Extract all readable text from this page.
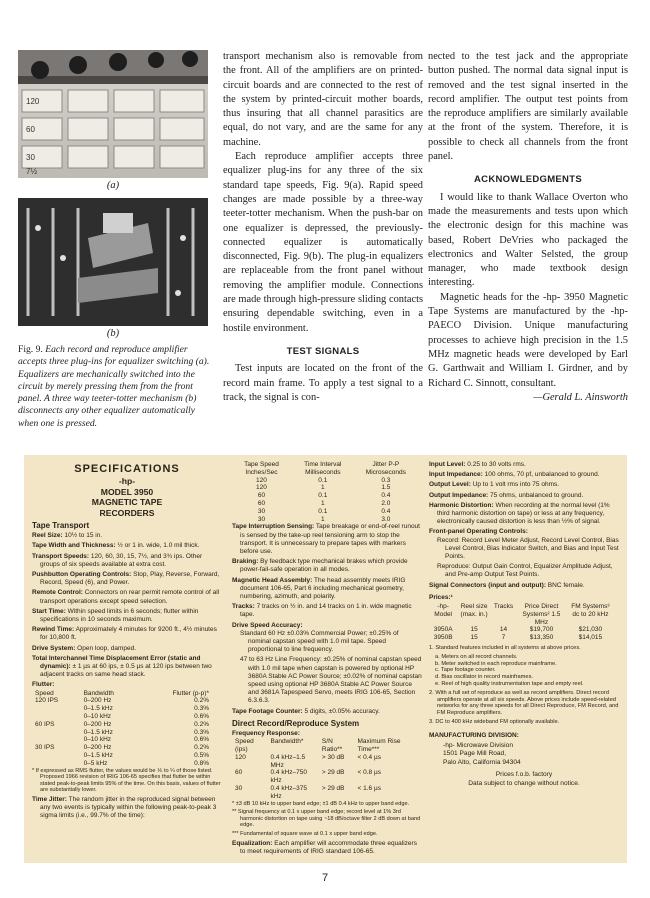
120
60
30
7½
(a)
(b)
Fig. 9. Each record and reproduce amplifier accepts three plug-ins for equalizer switching (a). Equalizers are mechanically switched into the circuit by merely pressing them from the front panel. A three way teeter-totter mechanism (b) disconnects any other equalizer automatically when one is pressed.

transport mechanism also is removable from the front. All of the amplifiers are on printed-circuit boards and are connected to the rest of the system by printed-circuit mother boards, thus insuring that all channel parasitics are equal, do not vary, and are the same for any machine.

Each reproduce amplifier accepts three equalizer plug-ins for any three of the six standard tape speeds, Fig. 9(a). Rapid speed changes are made possible by a three-way teeter-totter mechanism. When the push-bar on one equalizer is depressed, the previously-connected equalizer is automatically disconnected, Fig. 9(b). The plug-in equalizers are replaceable from the front panel without removing the amplifier module. Connections are made through high-pressure sliding contacts ensuring dependable switching, even in a hostile environment.

TEST SIGNALS

Test inputs are located on the front of the record main frame. To apply a test signal to a track, the signal is con-

nected to the test jack and the appropriate button pushed. The normal data signal input is removed and the test signal inserted in the record amplifier. The output test points from the reproduce amplifiers are similarly available at the front of the system. Therefore, it is possible to check all channels from the front panel.

ACKNOWLEDGMENTS

I would like to thank Wallace Overton who made the measurements and tests upon which the electronic design for this machine was based, Robert DeVries who packaged the electronics and Walter Selsted, the group manager, who made textbook design interesting.

Magnetic heads for the -hp- 3950 Magnetic Tape Systems are manufactured by the -hp- PAECO Division. Unique manufacturing processes to achieve high precision in the 1.5 MHz magnetic heads were developed by Earl G. Garthwait and William I. Girdner, and by Richard C. Sinnott, consultant.

—Gerald L. Ainsworth
SPECIFICATIONS
-hp-
MODEL 3950
MAGNETIC TAPE RECORDERS
Tape Transport

Reel Size: 10½ to 15 in.

Tape Width and Thickness: ½ or 1 in. wide, 1.0 mil thick.

Transport Speeds: 120, 60, 30, 15, 7½, and 3¾ ips. Other groups of six speeds available at extra cost.

Pushbutton Operating Controls: Stop, Play, Reverse, Forward, Record, Speed (6), and Power.

Remote Control: Connectors on rear permit remote control of all transport operations except speed selection.

Start Time: Within speed limits in 6 seconds; flutter within specifications in 10 seconds maximum.

Rewind Time: Approximately 4 minutes for 9200 ft., 4½ minutes for 10,800 ft.

Drive System: Open loop, damped.

Total Interchannel Time Displacement Error (static and dynamic): ± 1 µs at 60 ips, ± 0.5 µs at 120 ips between two adjacent tracks on same head stack.

Flutter:

Speed	Bandwidth	Flutter (p-p)*
120 IPS	0–200 Hz	0.2%
	0–1.5 kHz	0.3%
	0–10 kHz	0.6%
60 IPS	0–200 Hz	0.2%
	0–1.5 kHz	0.3%
	0–10 kHz	0.6%
30 IPS	0–200 Hz	0.2%
	0–1.5 kHz	0.5%
	0–5 kHz	0.8%

* If expressed as RMS flutter, the values would be ⅙ to ¼ of those listed. Proposed 1966 revision of IRIG 106-65 specifies that flutter be within stated peak-to-peak limits 95% of the time. On this basis, values of flutter are substantially lower.

Time Jitter: The random jitter in the reproduced signal between any two events is typically within the following peak-to-peak 3 sigma limits (i.e., 99.7% of the time):

Tape Speed Inches/Sec	Time Interval Milliseconds	Jitter P-P Microseconds
120	0.1	0.3
120	1	1.5
60	0.1	0.4
60	1	2.0
30	0.1	0.4
30	1	3.0

Tape Interruption Sensing: Tape breakage or end-of-reel runout is sensed by the take-up reel tensioning arm to stop the transport. It is unnecessary to prepare tapes with markers before use.

Braking: By feedback type mechanical brakes which provide power-fail-safe operation in all modes.

Magnetic Head Assembly: The head assembly meets IRIG document 106-65, Part 6 including mechanical geometry, numbering, azimuth, and polarity.

Tracks: 7 tracks on ½ in. and 14 tracks on 1 in. wide magnetic tape.

Drive Speed Accuracy:

Standard 60 Hz ±0.03% Commercial Power; ±0.25% of nominal capstan speed with 1.0 mil tape. Speed proportional to line frequency.

47 to 63 Hz Line Frequency: ±0.25% of nominal capstan speed with 1.0 mil tape when capstan is powered by optional HP 3680A Stable AC Power Source; ±0.02% of nominal capstan speed using optional HP 3680A Stable AC Power Source and 3681A Tapespeed Servo, meets IRIG 106-65, Section 6.3.6.3.

Tape Footage Counter: 5 digits, ±0.05% accuracy.

Direct Record/Reproduce System

Frequency Response:

Speed (ips)	Bandwidth*	S/N Ratio**	Maximum Rise Time***
120	0.4 kHz–1.5 MHz	> 30 dB	< 0.4 µs
60	0.4 kHz–750 kHz	> 29 dB	< 0.8 µs
30	0.4 kHz–375 kHz	> 29 dB	< 1.6 µs

* ±3 dB 10 kHz to upper band edge; ±1 dB 0.4 kHz to upper band edge.

** Signal frequency at 0.1 x upper band edge; record level at 1% 3rd harmonic distortion on tape using ~18 dB/octave filter 2 dB down at band edge.

*** Fundamental of square wave at 0.1 x upper band edge.

Equalization: Each amplifier will accommodate three equalizers to meet requirements of IRIG standard 106-65.

Input Level: 0.25 to 30 volts rms.

Input Impedance: 100 ohms, 70 pf, unbalanced to ground.

Output Level: Up to 1 volt rms into 75 ohms.

Output Impedance: 75 ohms, unbalanced to ground.

Harmonic Distortion: When recording at the normal level (1% third harmonic distortion on tape) or less at any frequency, electronically caused distortion is less than ½% of signal.

Front-panel Operating Controls:

Record: Record Level Meter Adjust, Record Level Control, Bias Level Control, Bias Indicator Switch, and Bias and Input Test Points.

Reproduce: Output Gain Control, Equalizer Amplitude Adjust, and Pre-amp Output Test Points.

Signal Connectors (input and output): BNC female.

Prices:¹

-hp- Model	Reel size (max. in.)	Tracks	Price Direct Systems² 1.5 MHz	FM Systems³ dc to 20 kHz
3950A	15	14	$19,700	$21,030
3950B	15	7	$13,350	$14,015

1. Standard features included in all systems at above prices.

a. Meters on all record channels.

b. Meter switched in each reproduce mainframe.

c. Tape footage counter.

d. Bias oscillator in record mainframes.

e. Reel of high quality instrumentation tape and empty reel.

2. With a full set of reproduce as well as record amplifiers. Direct record amplifiers operate at all six speeds. Above prices include speed-related networks for any three speeds for all Direct Reproduce, FM Record, and FM Reproduce amplifiers.

3. DC to 400 kHz wideband FM optionally available.

MANUFACTURING DIVISION:

-hp- Microwave Division
1501 Page Mill Road,
Palo Alto, California 94304
Prices f.o.b. factory
Data subject to change without notice.
7
